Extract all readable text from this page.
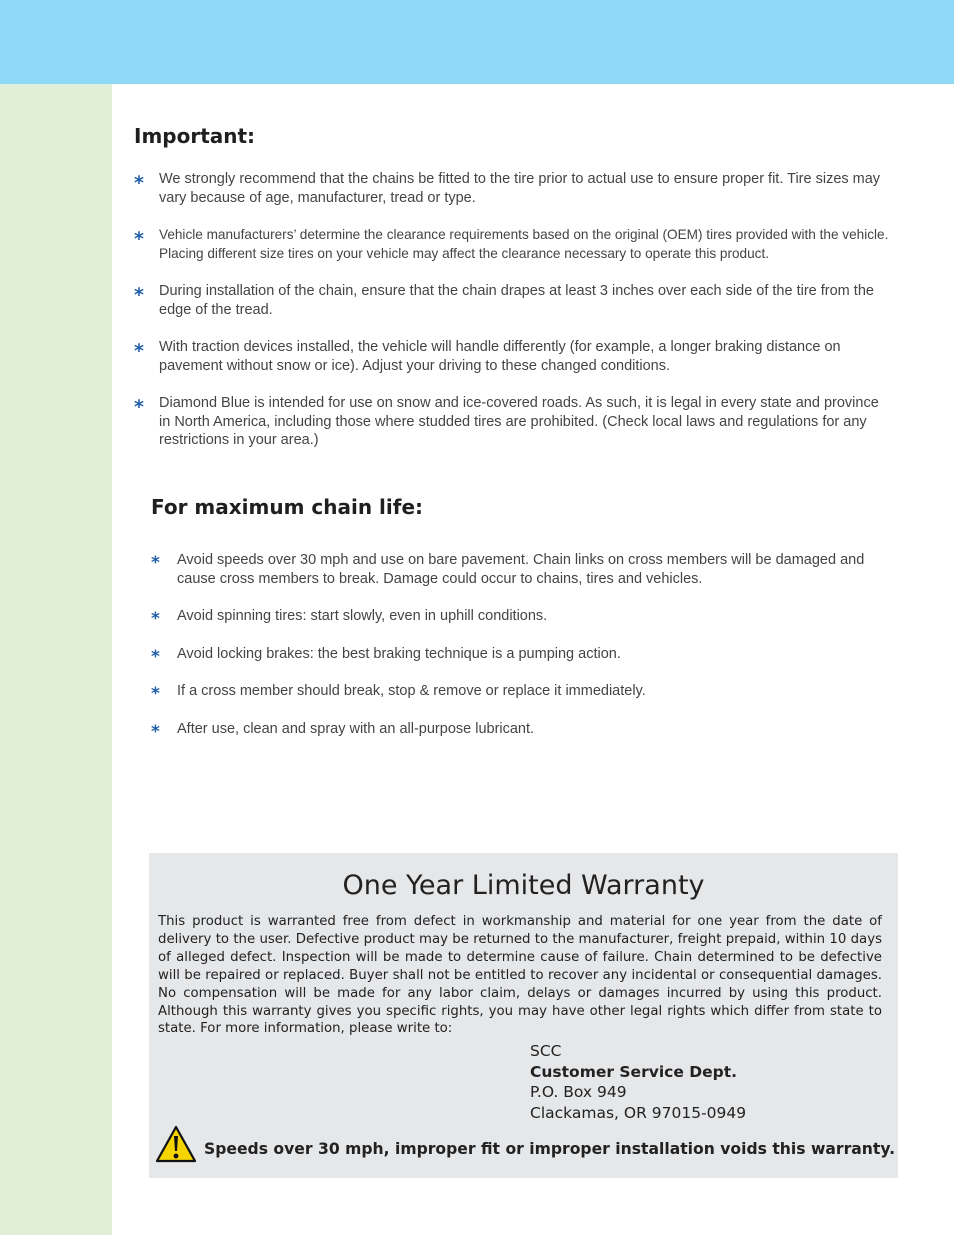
Important:
* We strongly recommend that the chains be fitted to the tire prior to actual use to ensure proper fit. Tire sizes may vary because of age, manufacturer, tread or type.
* Vehicle manufacturers’ determine the clearance requirements based on the original (OEM) tires provided with the vehicle. Placing different size tires on your vehicle may affect the clearance necessary to operate this product.
* During installation of the chain, ensure that the chain drapes at least 3 inches over each side of the tire from the edge of the tread.
* With traction devices installed, the vehicle will handle differently (for example, a longer braking distance on pavement without snow or ice). Adjust your driving to these changed conditions.
* Diamond Blue is intended for use on snow and ice-covered roads. As such, it is legal in every state and province in North America, including those where studded tires are prohibited. (Check local laws and regulations for any restrictions in your area.)
For maximum chain life:
* Avoid speeds over 30 mph and use on bare pavement. Chain links on cross members will be damaged and cause cross members to break. Damage could occur to chains, tires and vehicles.
* Avoid spinning tires: start slowly, even in uphill conditions.
* Avoid locking brakes: the best braking technique is a pumping action.
* If a cross member should break, stop & remove or replace it immediately.
* After use, clean and spray with an all-purpose lubricant.
One Year Limited Warranty

This product is warranted free from defect in workmanship and material for one year from the date of delivery to the user. Defective product may be returned to the manufacturer, freight prepaid, within 10 days of alleged defect. Inspection will be made to determine cause of failure. Chain determined to be defective will be repaired or replaced. Buyer shall not be entitled to recover any incidental or consequential damages. No compensation will be made for any labor claim, delays or damages incurred by using this product. Although this warranty gives you specific rights, you may have other legal rights which differ from state to state. For more information, please write to:

SCC
Customer Service Dept.
P.O. Box 949
Clackamas, OR 97015-0949
Speeds over 30 mph, improper fit or improper installation voids this warranty.
